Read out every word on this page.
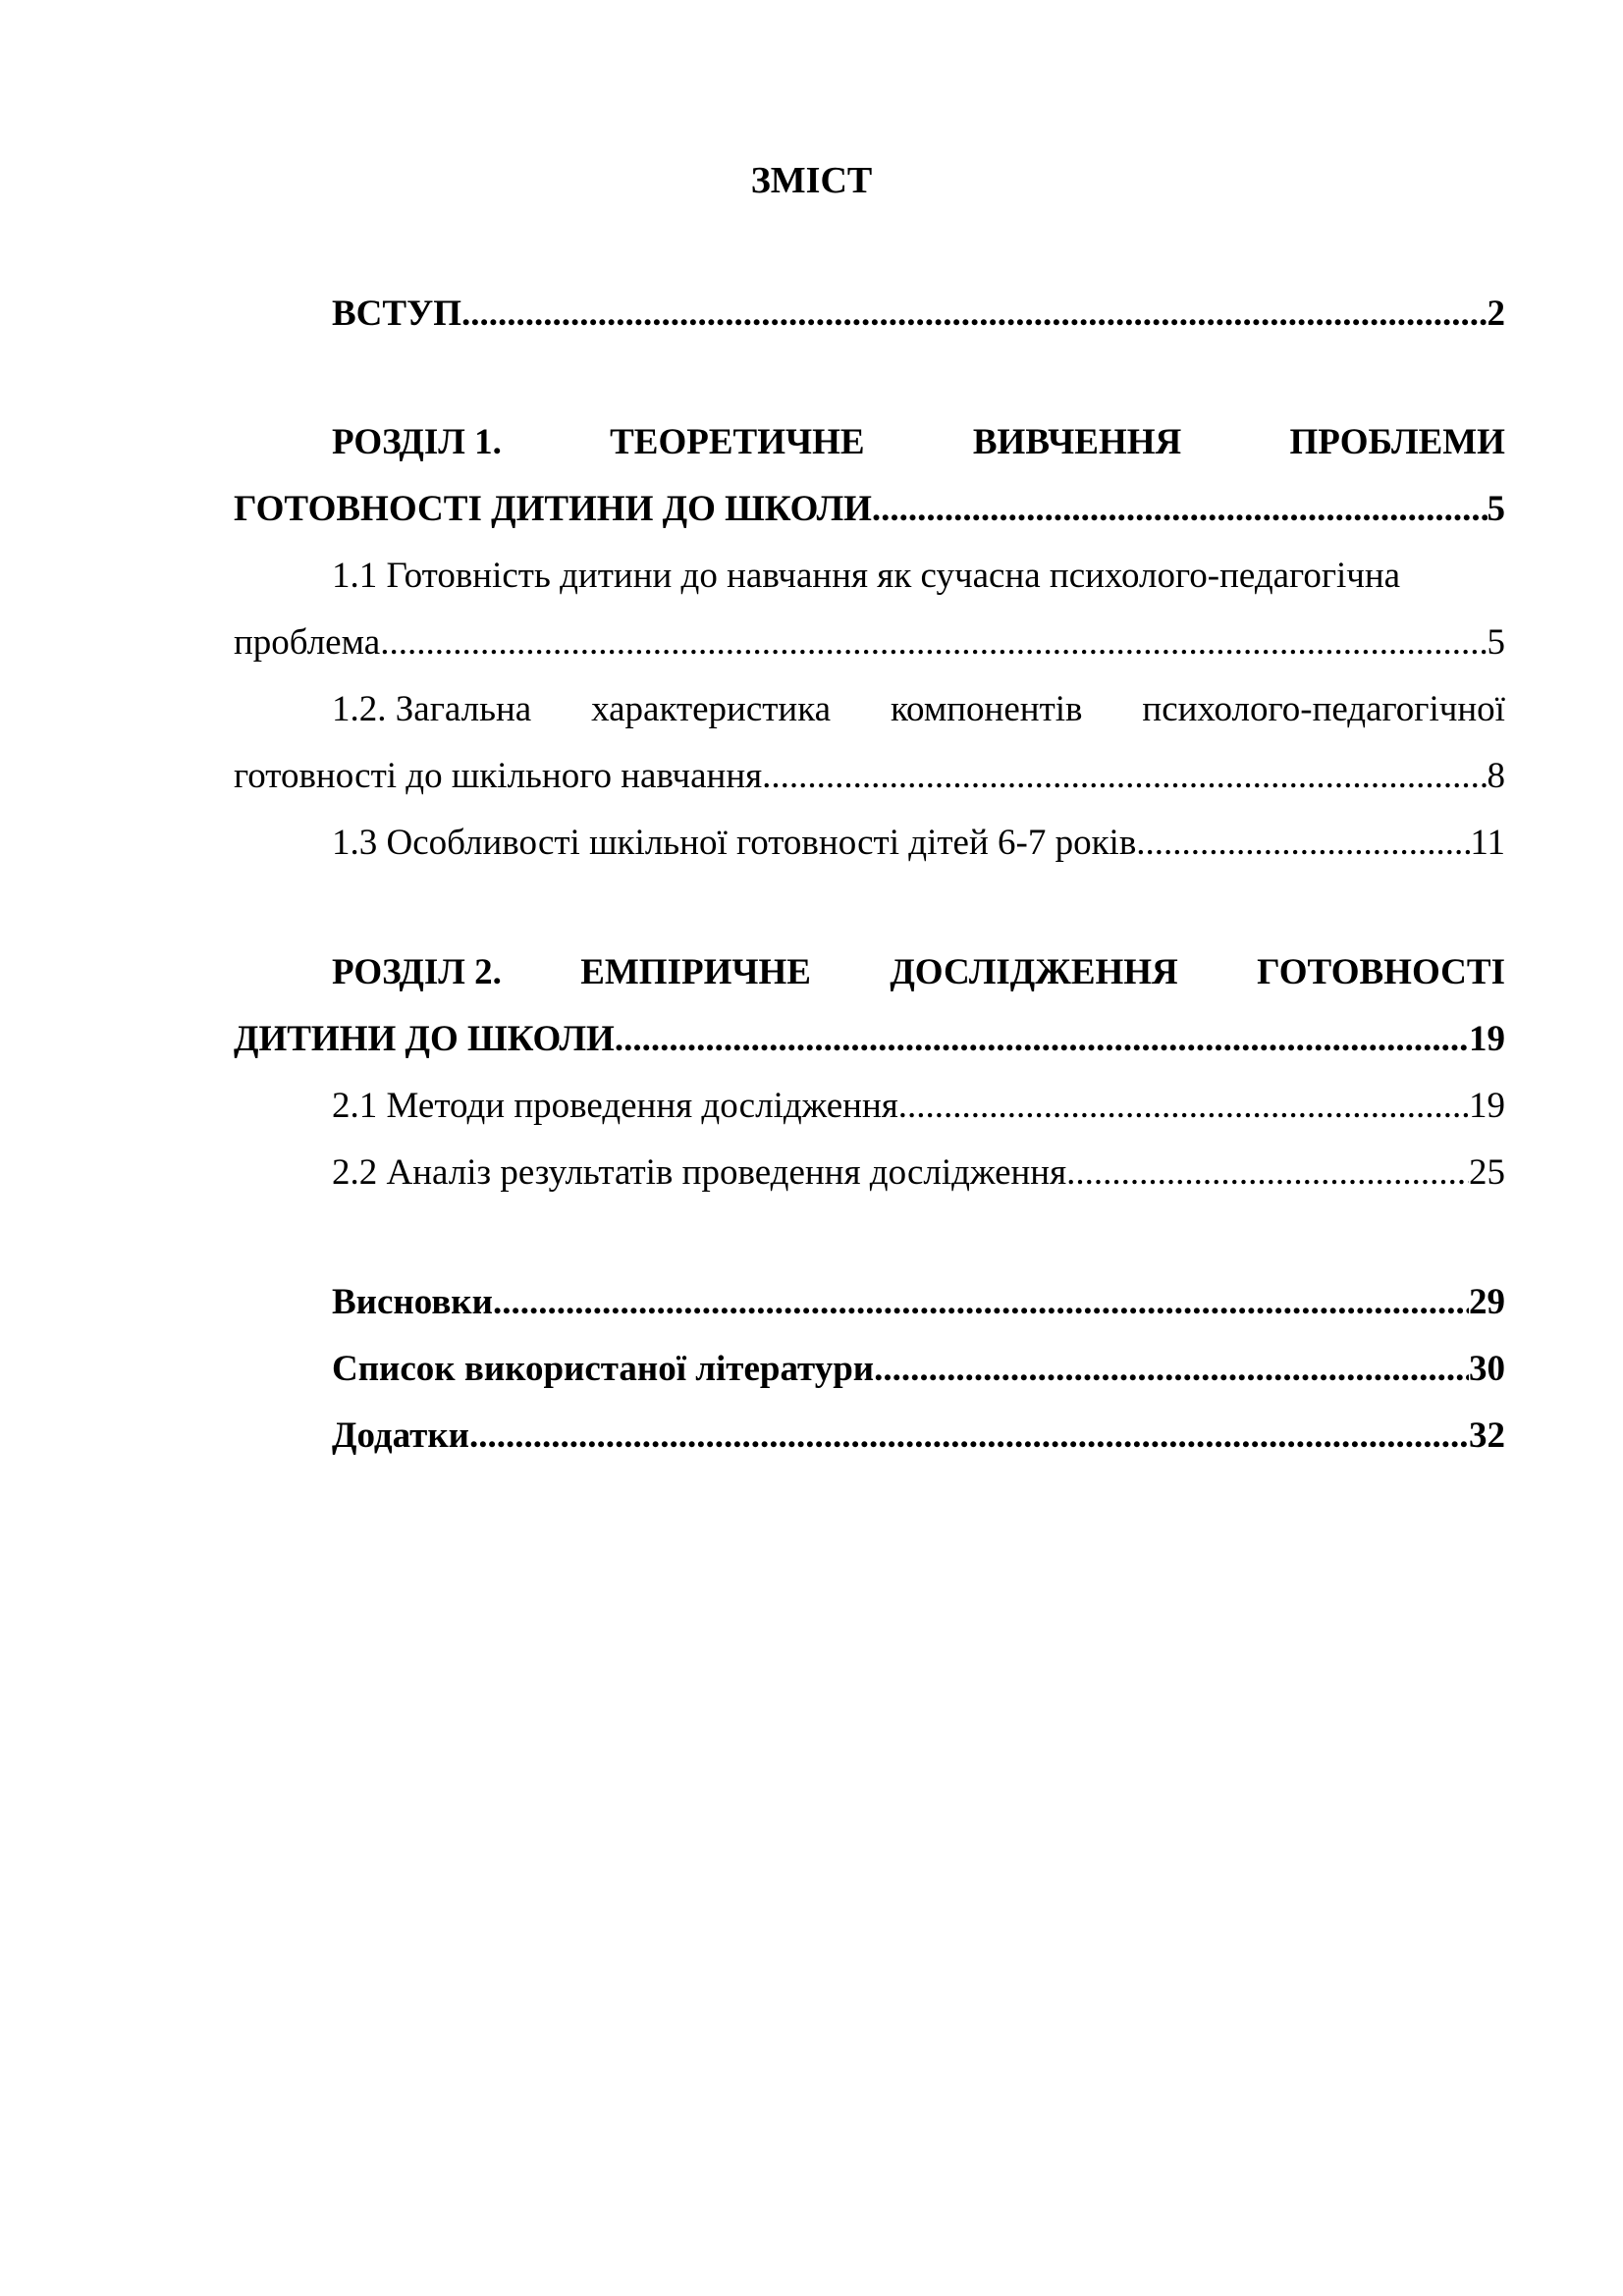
ЗМІСТ
ВСТУП .....	2
РОЗДІЛ 1.	ТЕОРЕТИЧНЕ	ВИВЧЕННЯ	ПРОБЛЕМИ
ГОТОВНОСТІ ДИТИНИ ДО ШКОЛИ .....	5
1.1 Готовність дитини до навчання як сучасна психолого-педагогічна
проблема .....	5
1.2. Загальна характеристика компонентів психолого-педагогічної
готовності до шкільного навчання .....	8
1.3 Особливості шкільної готовності дітей 6-7 років .....	11
РОЗДІЛ 2. ЕМПІРИЧНЕ ДОСЛІДЖЕННЯ ГОТОВНОСТІ
ДИТИНИ ДО ШКОЛИ .....	19
2.1 Методи проведення дослідження .....	19
2.2 Аналіз результатів проведення дослідження .....	25
Висновки .....	29
Список використаної літератури .....	30
Додатки .....	32
